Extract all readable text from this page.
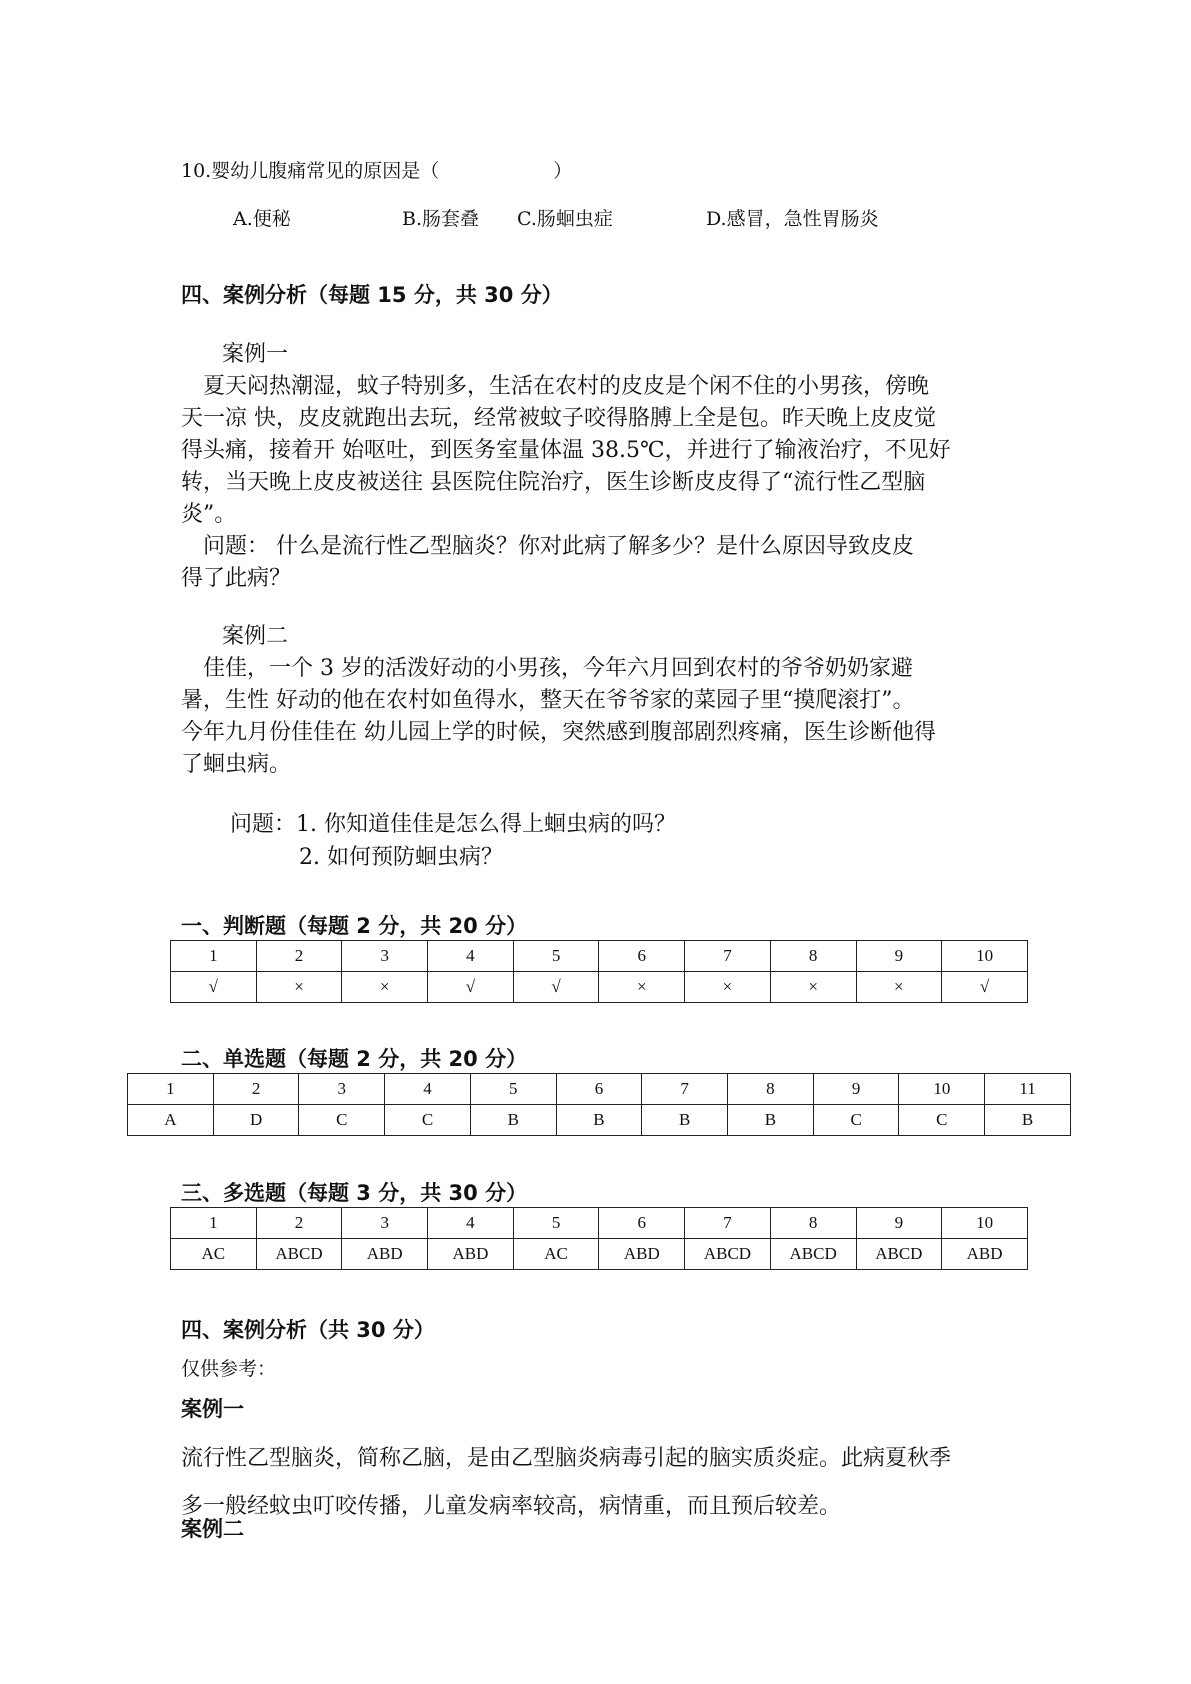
10.婴幼儿腹痛常见的原因是（　　　　　　）
A.便秘	B.肠套叠 C.肠蛔虫症	D.感冒，急性胃肠炎
四、案例分析（每题 15 分，共 30 分）
案例一
　夏天闷热潮湿，蚊子特别多，生活在农村的皮皮是个闲不住的小男孩，傍晚
天一凉 快，皮皮就跑出去玩，经常被蚊子咬得胳膊上全是包。昨天晚上皮皮觉
得头痛，接着开 始呕吐，到医务室量体温 38.5℃，并进行了输液治疗，不见好
转，当天晚上皮皮被送往 县医院住院治疗，医生诊断皮皮得了“流行性乙型脑
炎”。
　问题： 什么是流行性乙型脑炎？你对此病了解多少？是什么原因导致皮皮
得了此病？
案例二
　佳佳，一个 3 岁的活泼好动的小男孩，今年六月回到农村的爷爷奶奶家避
暑，生性 好动的他在农村如鱼得水，整天在爷爷家的菜园子里“摸爬滚打”。
今年九月份佳佳在 幼儿园上学的时候，突然感到腹部剧烈疼痛，医生诊断他得
了蛔虫病。
问题：1. 你知道佳佳是怎么得上蛔虫病的吗？
2. 如何预防蛔虫病？
一、判断题（每题 2 分，共 20 分）
1	2	3	4	5	6	7	8	9	10
√	×	×	√	√	×	×	×	×	√
二、单选题（每题 2 分，共 20 分）
1	2	3	4	5	6	7	8	9	10	11
A	D	C	C	B	B	B	B	C	C	B
三、多选题（每题 3 分，共 30 分）
1	2	3	4	5	6	7	8	9	10
AC	ABCD	ABD	ABD	AC	ABD	ABCD	ABCD	ABCD	ABD
四、案例分析（共 30 分）
仅供参考：
案例一
流行性乙型脑炎，简称乙脑，是由乙型脑炎病毒引起的脑实质炎症。此病夏秋季
多一般经蚊虫叮咬传播，儿童发病率较高，病情重，而且预后较差。
案例二
